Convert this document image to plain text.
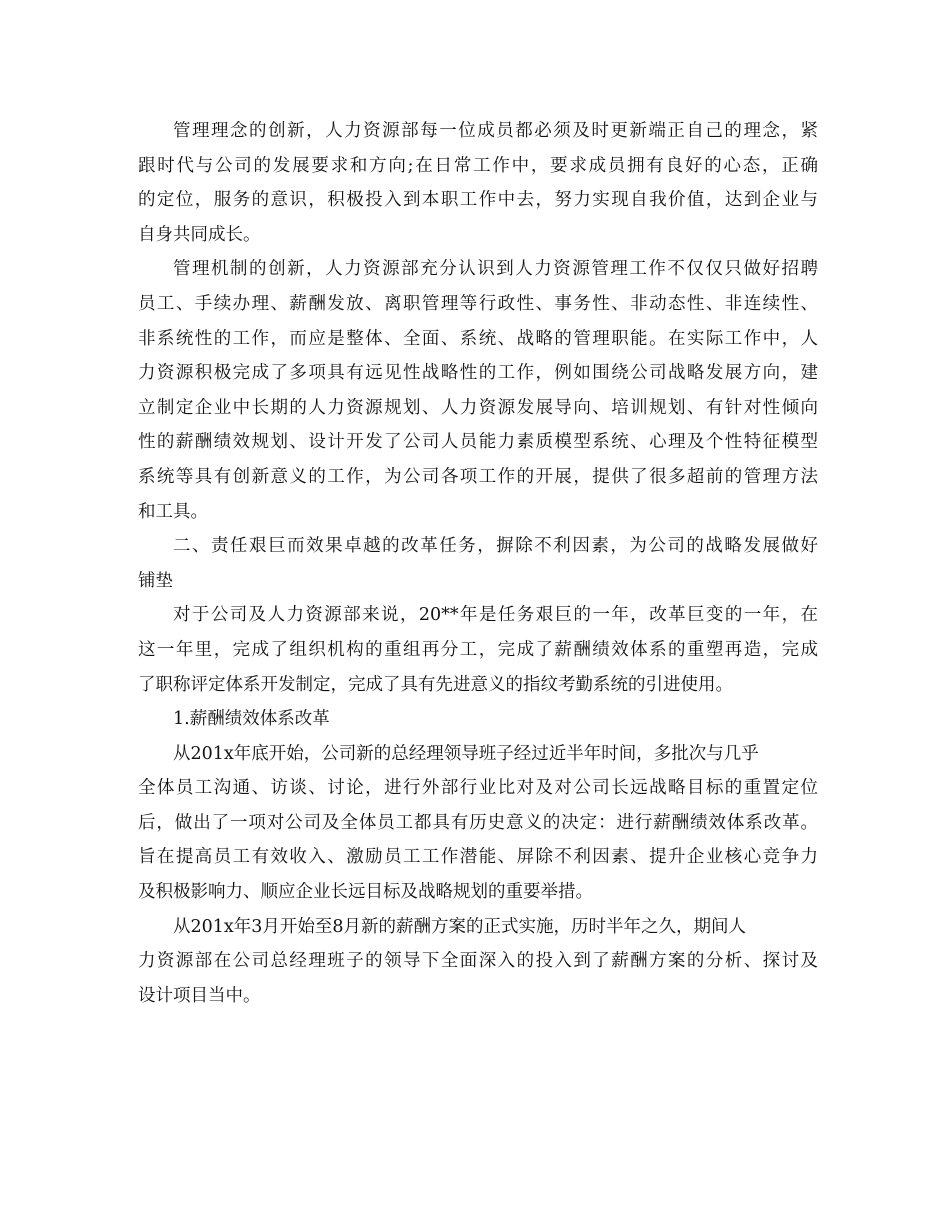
管理理念的创新，人力资源部每一位成员都必须及时更新端正自己的理念，紧
跟时代与公司的发展要求和方向;在日常工作中，要求成员拥有良好的心态，正确
的定位，服务的意识，积极投入到本职工作中去，努力实现自我价值，达到企业与
自身共同成长。
管理机制的创新，人力资源部充分认识到人力资源管理工作不仅仅只做好招聘
员工、手续办理、薪酬发放、离职管理等行政性、事务性、非动态性、非连续性、
非系统性的工作，而应是整体、全面、系统、战略的管理职能。在实际工作中，人
力资源积极完成了多项具有远见性战略性的工作，例如围绕公司战略发展方向，建
立制定企业中长期的人力资源规划、人力资源发展导向、培训规划、有针对性倾向
性的薪酬绩效规划、设计开发了公司人员能力素质模型系统、心理及个性特征模型
系统等具有创新意义的工作，为公司各项工作的开展，提供了很多超前的管理方法
和工具。
二、责任艰巨而效果卓越的改革任务，摒除不利因素，为公司的战略发展做好
铺垫
对于公司及人力资源部来说，20**年是任务艰巨的一年，改革巨变的一年，在
这一年里，完成了组织机构的重组再分工，完成了薪酬绩效体系的重塑再造，完成
了职称评定体系开发制定，完成了具有先进意义的指纹考勤系统的引进使用。
1.薪酬绩效体系改革
从201x年底开始，公司新的总经理领导班子经过近半年时间，多批次与几乎
全体员工沟通、访谈、讨论，进行外部行业比对及对公司长远战略目标的重置定位
后，做出了一项对公司及全体员工都具有历史意义的决定：进行薪酬绩效体系改革。
旨在提高员工有效收入、激励员工工作潜能、屏除不利因素、提升企业核心竞争力
及积极影响力、顺应企业长远目标及战略规划的重要举措。
从201x年3月开始至8月新的薪酬方案的正式实施，历时半年之久，期间人
力资源部在公司总经理班子的领导下全面深入的投入到了薪酬方案的分析、探讨及
设计项目当中。
